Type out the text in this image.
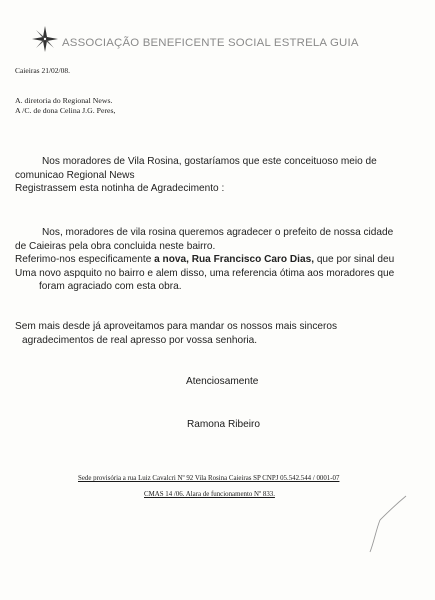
ASSOCIAÇÃO BENEFICENTE SOCIAL ESTRELA GUIA
Caieiras 21/02/08.
A. diretoria do Regional News.
A /C. de dona Celina J.G. Peres,
Nos moradores de Vila Rosina, gostaríamos que este conceituoso meio de
comunicao Regional News
Registrassem esta notinha de Agradecimento :
Nos, moradores de vila rosina queremos agradecer o prefeito de nossa cidade
de Caieiras pela obra concluida neste bairro.
Referimo-nos especificamente a nova, Rua Francisco Caro Dias, que por sinal deu
Uma novo aspquito no bairro e alem disso, uma referencia ótima aos moradores que
foram agraciado com esta obra.
Sem mais desde já aproveitamos para mandar os nossos mais sinceros
agradecimentos de real apresso por vossa senhoria.
Atenciosamente
Ramona Ribeiro
Sede provisória a rua Luiz Cavalcri Nº 92 Vila Rosina Caieiras SP CNPJ 05.542.544 / 0001-07
CMAS 14 /06. Alara de funcionamento Nº 833.
